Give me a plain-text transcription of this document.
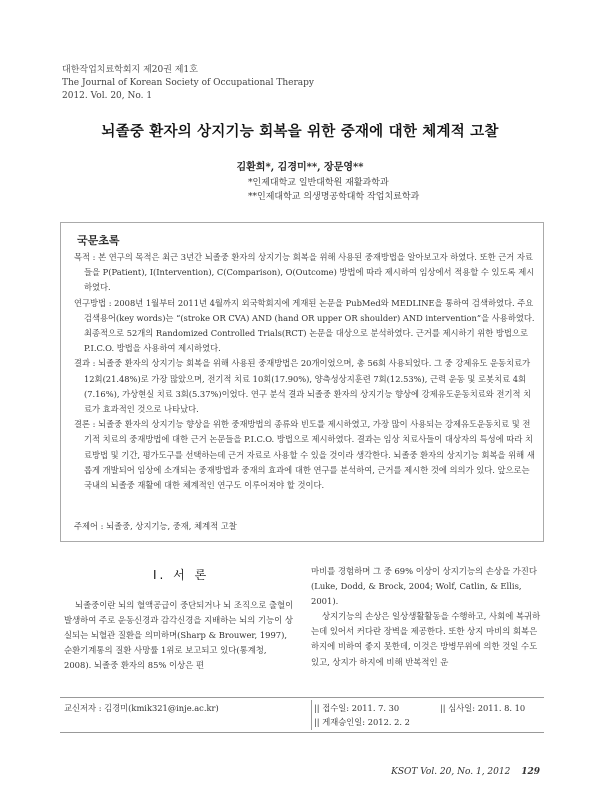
대한작업치료학회지 제20권 제1호
The Journal of Korean Society of Occupational Therapy
2012. Vol. 20, No. 1
뇌졸중 환자의 상지기능 회복을 위한 중재에 대한 체계적 고찰
김환희*, 김경미**, 장문영**
*인제대학교 일반대학원 재활과학과
**인제대학교 의생명공학대학 작업치료학과
국문초록

목적 : 본 연구의 목적은 최근 3년간 뇌졸중 환자의 상지기능 회복을 위해 사용된 중재방법을 알아보고자 하였다. 또한 근거 자료들을 P(Patient), I(Intervention), C(Comparison), O(Outcome) 방법에 따라 제시하여 임상에서 적용할 수 있도록 제시하였다.

연구방법 : 2008년 1월부터 2011년 4월까지 외국학회지에 게재된 논문을 PubMed와 MEDLINE을 통하여 검색하였다. 주요 검색용어(key words)는 “(stroke OR CVA) AND (hand OR upper OR shoulder) AND intervention”을 사용하였다. 최종적으로 52개의 Randomized Controlled Trials(RCT) 논문을 대상으로 분석하였다. 근거를 제시하기 위한 방법으로 P.I.C.O. 방법을 사용하여 제시하였다.

결과 : 뇌졸중 환자의 상지기능 회복을 위해 사용된 중재방법은 20개이었으며, 총 56회 사용되었다. 그 중 강제유도 운동치료가 12회(21.48%)로 가장 많았으며, 전기적 치료 10회(17.90%), 양측성상지훈련 7회(12.53%), 근력 운동 및 로봇치료 4회(7.16%), 가상현실 치료 3회(5.37%)이었다. 연구 분석 결과 뇌졸중 환자의 상지기능 향상에 강제유도운동치료와 전기적 치료가 효과적인 것으로 나타났다.

결론 : 뇌졸중 환자의 상지기능 향상을 위한 중재방법의 종류와 빈도를 제시하였고, 가장 많이 사용되는 강제유도운동치료 및 전기적 치료의 중재방법에 대한 근거 논문들을 P.I.C.O. 방법으로 제시하였다. 결과는 임상 치료사들이 대상자의 특성에 따라 치료방법 및 기간, 평가도구를 선택하는데 근거 자료로 사용할 수 있을 것이라 생각한다. 뇌졸중 환자의 상지기능 회복을 위해 새롭게 개발되어 임상에 소개되는 중재방법과 중재의 효과에 대한 연구를 분석하여, 근거를 제시한 것에 의의가 있다. 앞으로는 국내의 뇌졸중 재활에 대한 체계적인 연구도 이루어져야 할 것이다.

주제어 : 뇌졸중, 상지기능, 중재, 체계적 고찰
I. 서 론

뇌졸중이란 뇌의 혈액공급이 중단되거나 뇌 조직으로 출혈이 발생하여 주로 운동신경과 감각신경을 지배하는 뇌의 기능이 상실되는 뇌혈관 질환을 의미하며(Sharp & Brouwer, 1997), 순환기계통의 질환 사망률 1위로 보고되고 있다(통계청, 2008). 뇌졸중 환자의 85% 이상은 편

마비를 경험하며 그 중 69% 이상이 상지기능의 손상을 가진다(Luke, Dodd, & Brock, 2004; Wolf, Catlin, & Ellis, 2001).

상지기능의 손상은 일상생활활동을 수행하고, 사회에 복귀하는데 있어서 커다란 장벽을 제공한다. 또한 상지 마비의 회복은 하지에 비하여 좋지 못한데, 이것은 방병무위에 의한 것일 수도 있고, 상지가 하지에 비해 반복적인 운

교신저자 : 김경미(kmik321@inje.ac.kr)	|| 접수일: 2011. 7. 30	|| 심사일: 2011. 8. 10
|| 게재승인일: 2012. 2. 2
KSOT Vol. 20, No. 1, 2012 129
